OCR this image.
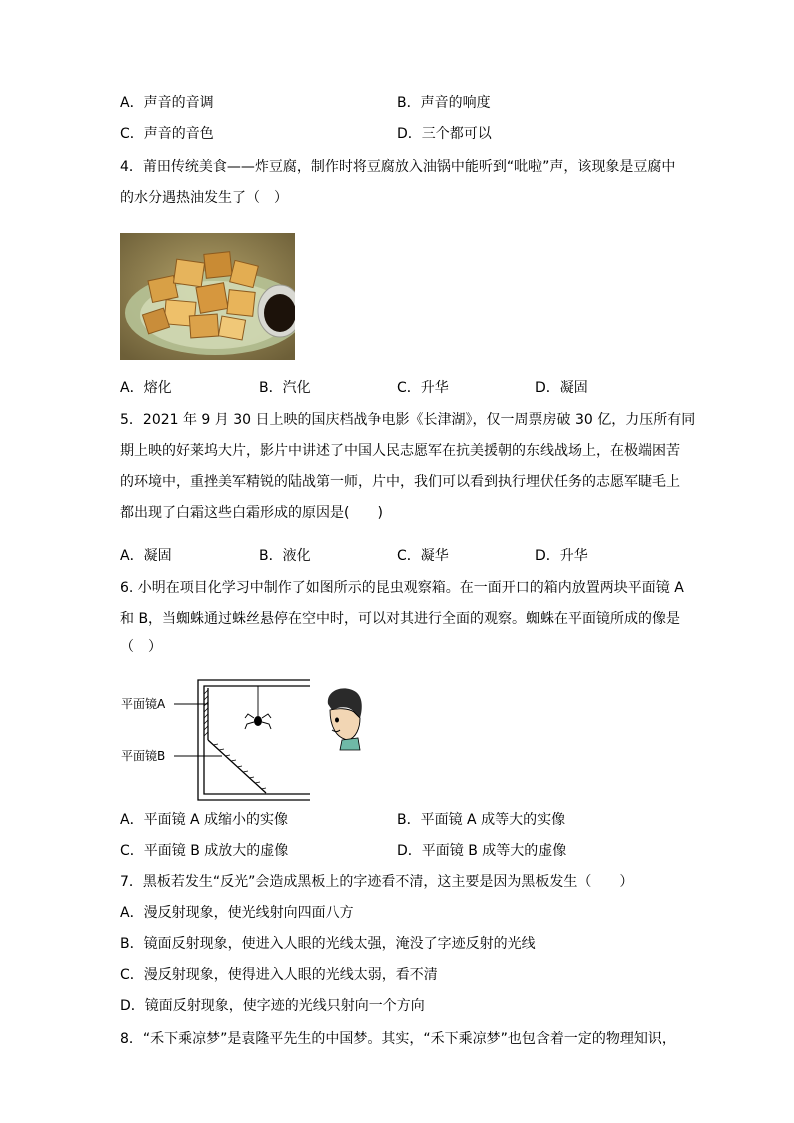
A．声音的音调	B．声音的响度
C．声音的音色	D．三个都可以
4．莆田传统美食——炸豆腐，制作时将豆腐放入油锅中能听到“吡啦”声，该现象是豆腐中
的水分遇热油发生了（　）
A．熔化	B．汽化	C．升华	D．凝固
5．2021 年 9 月 30 日上映的国庆档战争电影《长津湖》，仅一周票房破 30 亿，力压所有同
期上映的好莱坞大片，影片中讲述了中国人民志愿军在抗美援朝的东线战场上，在极端困苦
的环境中，重挫美军精锐的陆战第一师，片中，我们可以看到执行埋伏任务的志愿军睫毛上
都出现了白霜这些白霜形成的原因是(　　)
A．凝固	B．液化	C．凝华	D．升华
6. 小明在项目化学习中制作了如图所示的昆虫观察箱。在一面开口的箱内放置两块平面镜 A
和 B，当蜘蛛通过蛛丝悬停在空中时，可以对其进行全面的观察。蜘蛛在平面镜所成的像是
（　）
平面镜A
平面镜B
A．平面镜 A 成缩小的实像	B．平面镜 A 成等大的实像
C．平面镜 B 成放大的虚像	D．平面镜 B 成等大的虚像
7．黑板若发生“反光”会造成黑板上的字迹看不清，这主要是因为黑板发生（　　）
A．漫反射现象，使光线射向四面八方
B．镜面反射现象，使进入人眼的光线太强，淹没了字迹反射的光线
C．漫反射现象，使得进入人眼的光线太弱，看不清
D．镜面反射现象，使字迹的光线只射向一个方向
8．“禾下乘凉梦”是袁隆平先生的中国梦。其实，“禾下乘凉梦”也包含着一定的物理知识，
